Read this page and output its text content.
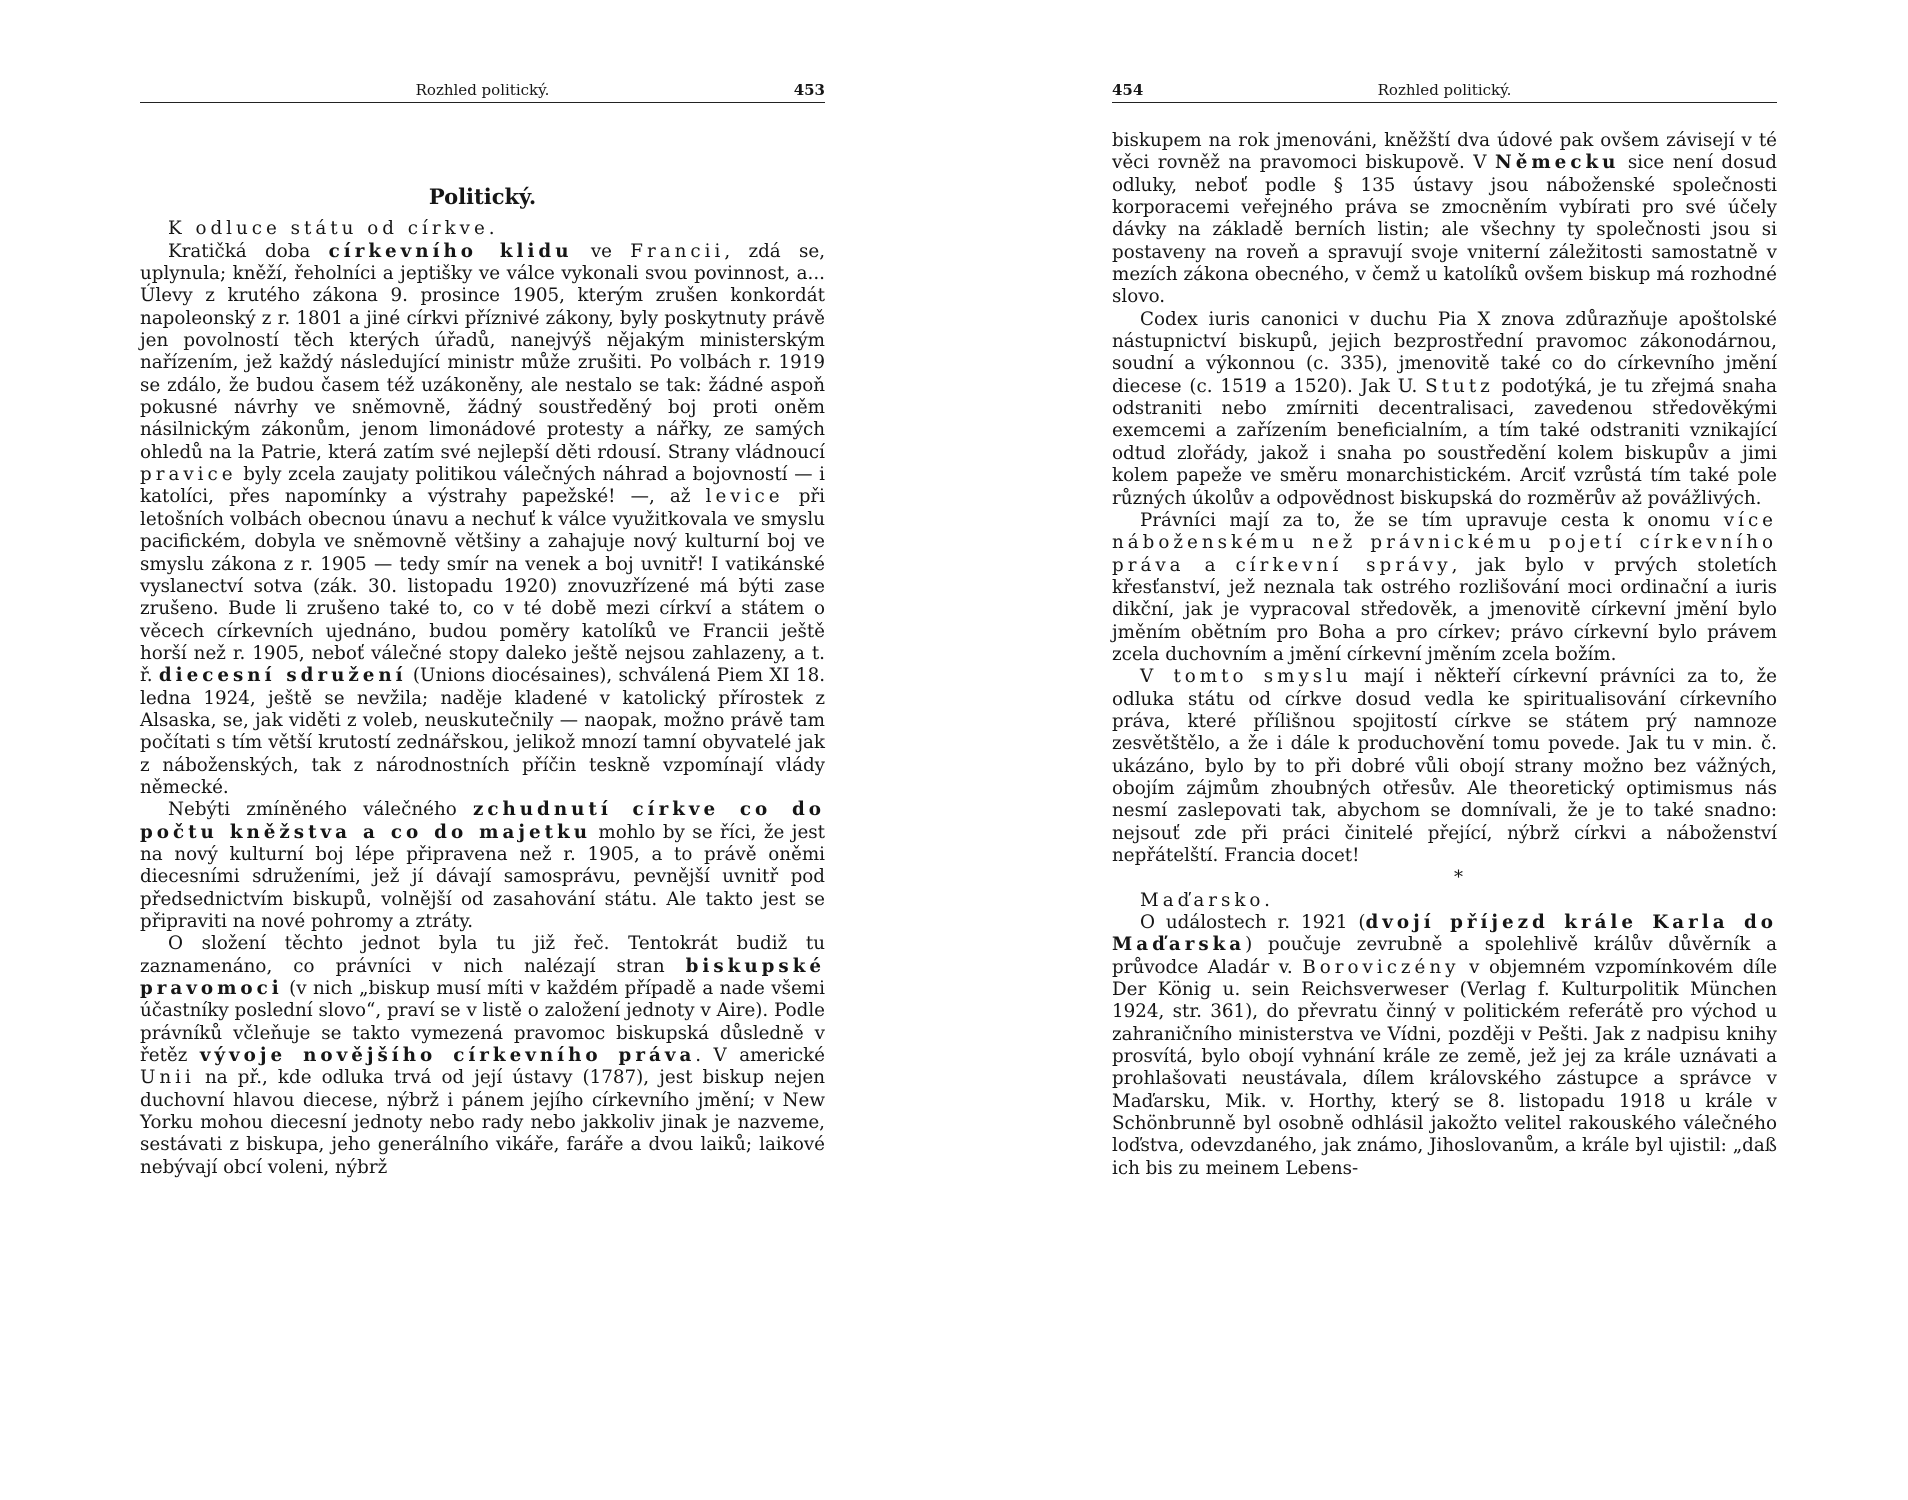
Rozhled politický.	453
Politický.

K odluce státu od církve.

Kratičká doba církevního klidu ve Francii, zdá se, uplynula; kněží, řeholníci a jeptišky ve válce vykonali svou povinnost, a... Úlevy z krutého zákona 9. prosince 1905, kterým zrušen konkordát napoleonský z r. 1801 a jiné církvi příznivé zákony, byly poskytnuty právě jen povolností těch kterých úřadů, nanejvýš nějakým ministerským nařízením, jež každý následující ministr může zrušiti. Po volbách r. 1919 se zdálo, že budou časem též uzákoněny, ale nestalo se tak: žádné aspoň pokusné návrhy ve sněmovně, žádný soustředěný boj proti oněm násilnickým zákonům, jenom limonádové protesty a nářky, ze samých ohledů na la Patrie, která zatím své nejlepší děti rdousí. Strany vládnoucí pravice byly zcela zaujaty politikou válečných náhrad a bojovností — i katolíci, přes napomínky a výstrahy papežské! —, až levice při letošních volbách obecnou únavu a nechuť k válce využitkovala ve smyslu pacifickém, dobyla ve sněmovně většiny a zahajuje nový kulturní boj ve smyslu zákona z r. 1905 — tedy smír na venek a boj uvnitř! I vatikánské vyslanectví sotva (zák. 30. listopadu 1920) znovuzřízené má býti zase zrušeno. Bude li zrušeno také to, co v té době mezi církví a státem o věcech církevních ujednáno, budou poměry katolíků ve Francii ještě horší než r. 1905, neboť válečné stopy daleko ještě nejsou zahlazeny, a t. ř. diecesní sdružení (Unions diocésaines), schválená Piem XI 18. ledna 1924, ještě se nevžila; naděje kladené v katolický přírostek z Alsaska, se, jak viděti z voleb, neuskutečnily — naopak, možno právě tam počítati s tím větší krutostí zednářskou, jelikož mnozí tamní obyvatelé jak z náboženských, tak z národnostních příčin teskně vzpomínají vlády německé.

Nebýti zmíněného válečného zchudnutí církve co do počtu kněžstva a co do majetku mohlo by se říci, že jest na nový kulturní boj lépe připravena než r. 1905, a to právě oněmi diecesními sdruženími, jež jí dávají samosprávu, pevnější uvnitř pod předsednictvím biskupů, volnější od zasahování státu. Ale takto jest se připraviti na nové pohromy a ztráty.

O složení těchto jednot byla tu již řeč. Tentokrát budiž tu zaznamenáno, co právníci v nich nalézají stran biskupské pravomoci (v nich „biskup musí míti v každém případě a nade všemi účastníky poslední slovo“, praví se v listě o založení jednoty v Aire). Podle právníků včleňuje se takto vymezená pravomoc biskupská důsledně v řetěz vývoje novějšího církevního práva. V americké Unii na př., kde odluka trvá od její ústavy (1787), jest biskup nejen duchovní hlavou diecese, nýbrž i pánem jejího církevního jmění; v New Yorku mohou diecesní jednoty nebo rady nebo jakkoliv jinak je nazveme, sestávati z biskupa, jeho generálního vikáře, faráře a dvou laiků; laikové nebývají obcí voleni, nýbrž

454	Rozhled politický.

biskupem na rok jmenováni, kněžští dva údové pak ovšem závisejí v té věci rovněž na pravomoci biskupově. V Německu sice není dosud odluky, neboť podle § 135 ústavy jsou náboženské společnosti korporacemi veřejného práva se zmocněním vybírati pro své účely dávky na základě berních listin; ale všechny ty společnosti jsou si postaveny na roveň a spravují svoje vniterní záležitosti samostatně v mezích zákona obecného, v čemž u katolíků ovšem biskup má rozhodné slovo.

Codex iuris canonici v duchu Pia X znova zdůrazňuje apoštolské nástupnictví biskupů, jejich bezprostřední pravomoc zákonodárnou, soudní a výkonnou (c. 335), jmenovitě také co do církevního jmění diecese (c. 1519 a 1520). Jak U. Stutz podotýká, je tu zřejmá snaha odstraniti nebo zmírniti decentralisaci, zavedenou středověkými exemcemi a zařízením beneficialním, a tím také odstraniti vznikající odtud zlořády, jakož i snaha po soustředění kolem biskupův a jimi kolem papeže ve směru monarchistickém. Arciť vzrůstá tím také pole různých úkolův a odpovědnost biskupská do rozměrův až povážlivých.

Právníci mají za to, že se tím upravuje cesta k onomu více náboženskému než právnickému pojetí církevního práva a církevní správy, jak bylo v prvých stoletích křesťanství, jež neznala tak ostrého rozlišování moci ordinační a iuris dikční, jak je vypracoval středověk, a jmenovitě církevní jmění bylo jměním obětním pro Boha a pro církev; právo církevní bylo právem zcela duchovním a jmění církevní jměním zcela božím.

V tomto smyslu mají i někteří církevní právníci za to, že odluka státu od církve dosud vedla ke spiritualisování církevního práva, které přílišnou spojitostí církve se státem prý namnoze zesvětštělo, a že i dále k produchovění tomu povede. Jak tu v min. č. ukázáno, bylo by to při dobré vůli obojí strany možno bez vážných, obojím zájmům zhoubných otřesův. Ale theoretický optimismus nás nesmí zaslepovati tak, abychom se domnívali, že je to také snadno: nejsouť zde při práci činitelé přející, nýbrž církvi a náboženství nepřátelští. Francia docet!

*

Maďarsko.

O událostech r. 1921 (dvojí příjezd krále Karla do Maďarska) poučuje zevrubně a spolehlivě králův důvěrník a průvodce Aladár v. Boroviczény v objemném vzpomínkovém díle Der König u. sein Reichsverweser (Verlag f. Kulturpolitik München 1924, str. 361), do převratu činný v politickém referátě pro východ u zahraničního ministerstva ve Vídni, později v Pešti. Jak z nadpisu knihy prosvítá, bylo obojí vyhnání krále ze země, jež jej za krále uznávati a prohlašovati neustávala, dílem královského zástupce a správce v Maďarsku, Mik. v. Horthy, který se 8. listopadu 1918 u krále v Schönbrunně byl osobně odhlásil jakožto velitel rakouského válečného loďstva, odevzdaného, jak známo, Jihoslovanům, a krále byl ujistil: „daß ich bis zu meinem Lebens-
